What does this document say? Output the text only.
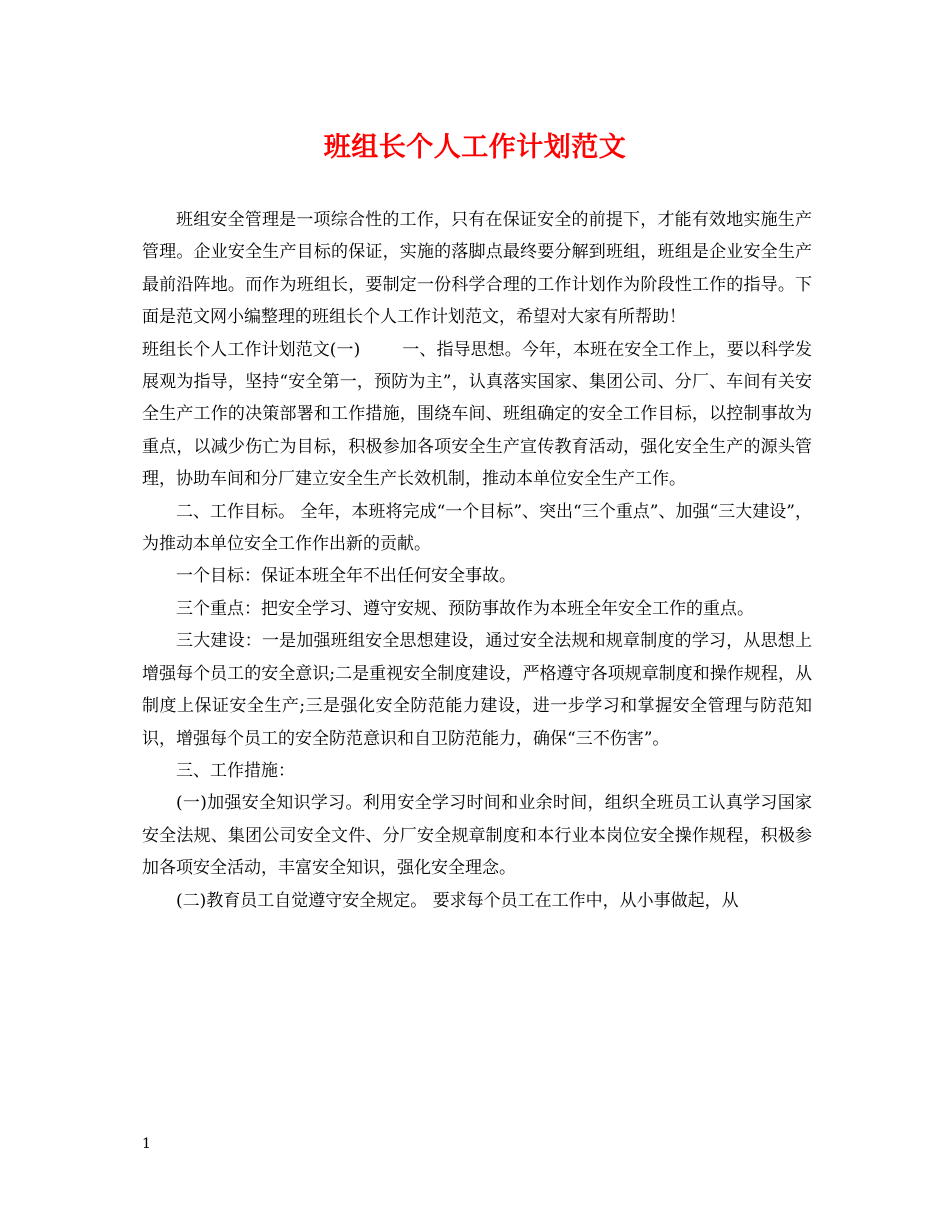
班组长个人工作计划范文

班组安全管理是一项综合性的工作，只有在保证安全的前提下，才能有效地实施生产管理。企业安全生产目标的保证，实施的落脚点最终要分解到班组，班组是企业安全生产最前沿阵地。而作为班组长，要制定一份科学合理的工作计划作为阶段性工作的指导。下面是范文网小编整理的班组长个人工作计划范文，希望对大家有所帮助！

班组长个人工作计划范文(一) 一、指导思想。今年，本班在安全工作上，要以科学发展观为指导，坚持“安全第一，预防为主”，认真落实国家、集团公司、分厂、车间有关安全生产工作的决策部署和工作措施，围绕车间、班组确定的安全工作目标，以控制事故为重点，以减少伤亡为目标，积极参加各项安全生产宣传教育活动，强化安全生产的源头管理，协助车间和分厂建立安全生产长效机制，推动本单位安全生产工作。

二、工作目标。 全年，本班将完成“一个目标”、突出“三个重点”、加强“三大建设”，为推动本单位安全工作作出新的贡献。

一个目标：保证本班全年不出任何安全事故。

三个重点：把安全学习、遵守安规、预防事故作为本班全年安全工作的重点。

三大建设：一是加强班组安全思想建设，通过安全法规和规章制度的学习，从思想上增强每个员工的安全意识;二是重视安全制度建设，严格遵守各项规章制度和操作规程，从制度上保证安全生产;三是强化安全防范能力建设，进一步学习和掌握安全管理与防范知识，增强每个员工的安全防范意识和自卫防范能力，确保“三不伤害”。

三、工作措施：

(一)加强安全知识学习。利用安全学习时间和业余时间，组织全班员工认真学习国家安全法规、集团公司安全文件、分厂安全规章制度和本行业本岗位安全操作规程，积极参加各项安全活动，丰富安全知识，强化安全理念。

(二)教育员工自觉遵守安全规定。 要求每个员工在工作中，从小事做起，从

1
